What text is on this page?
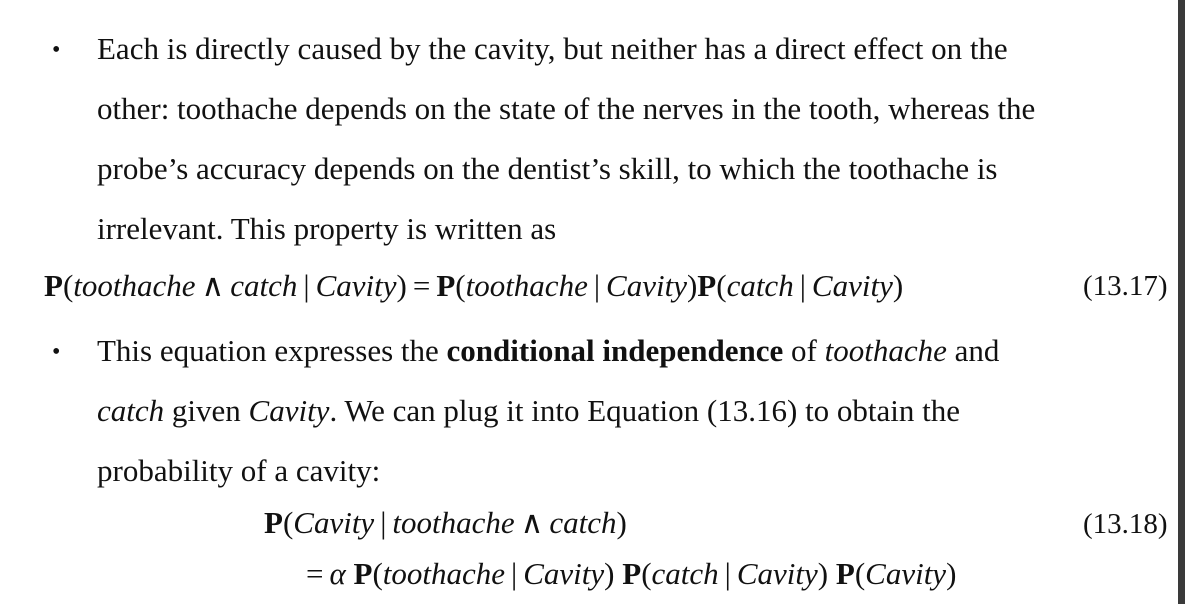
• Each is directly caused by the cavity, but neither has a direct effect on the
other: toothache depends on the state of the nerves in the tooth, whereas the
probe’s accuracy depends on the dentist’s skill, to which the toothache is
irrelevant. This property is written as
P(toothache ∧ catch | Cavity) = P(toothache | Cavity)P(catch | Cavity)	(13.17)
• This equation expresses the conditional independence of toothache and
catch given Cavity. We can plug it into Equation (13.16) to obtain the
probability of a cavity:
P(Cavity | toothache ∧ catch)	(13.18)
= α P(toothache | Cavity) P(catch | Cavity) P(Cavity)
